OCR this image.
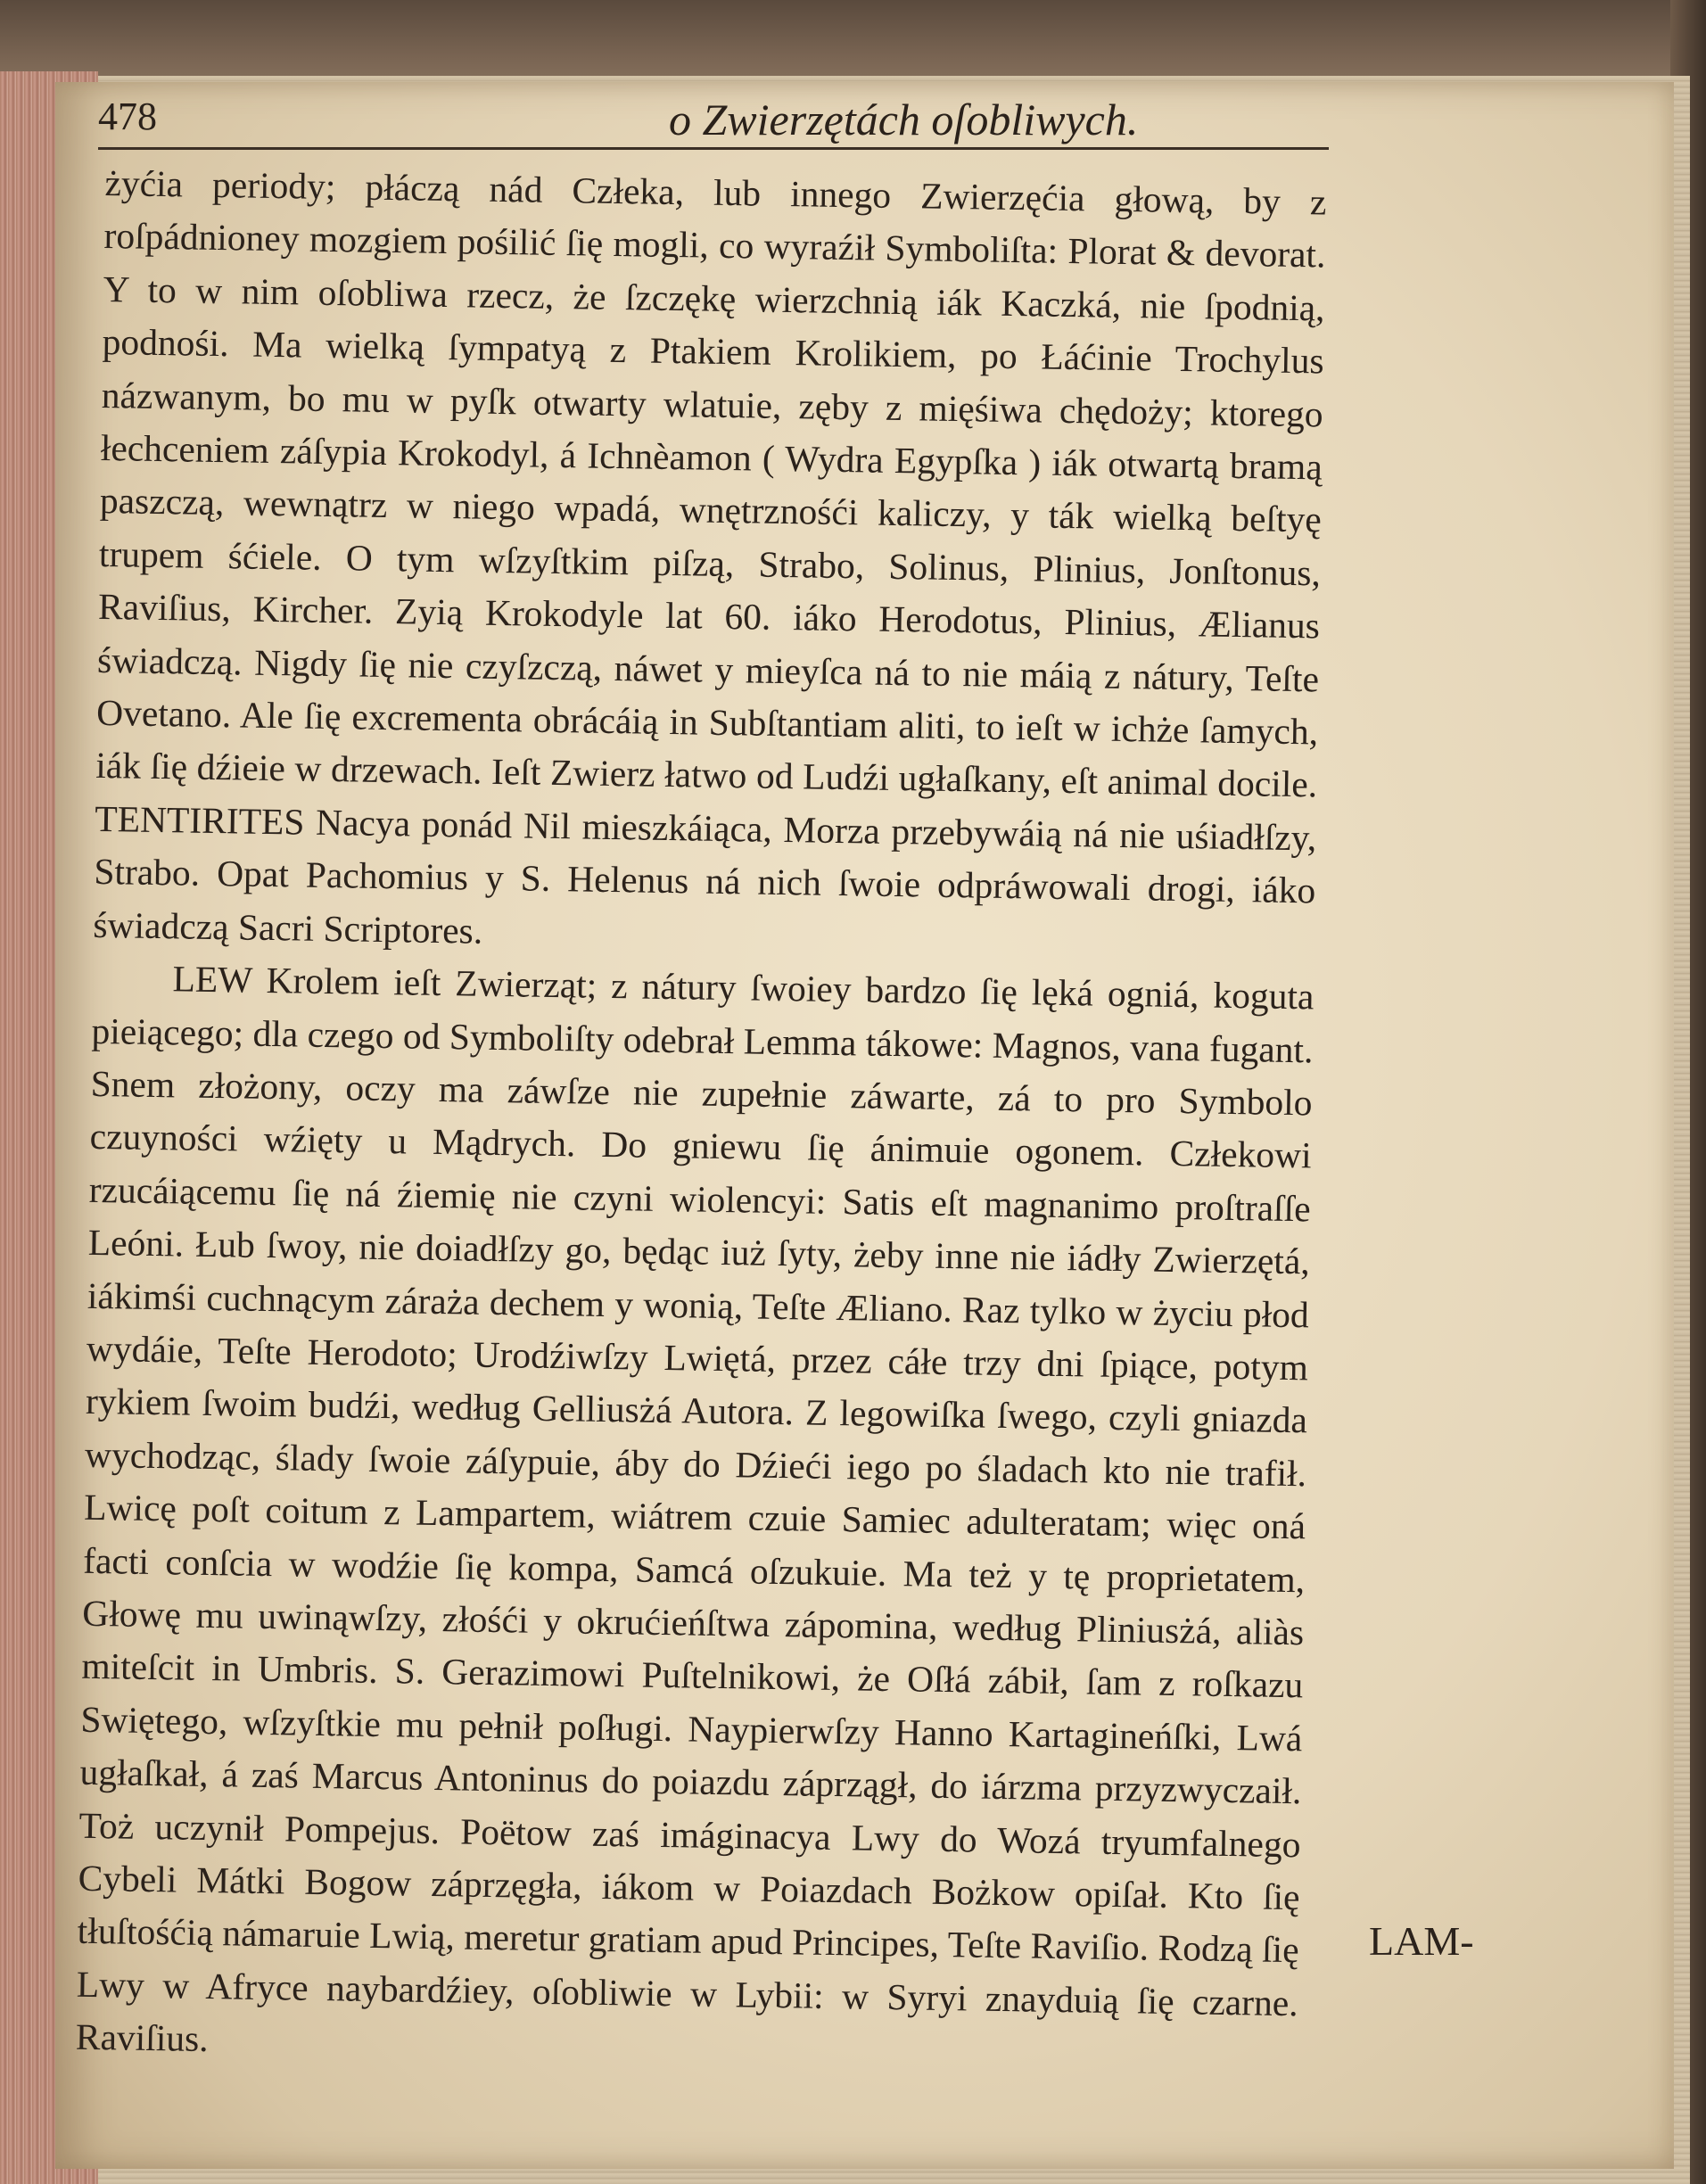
478	o Zwierzętách oſobliwych.

żyćia periody; płáczą nád Człeka, lub innego Zwierzęćia głową, by z roſpádnioney mozgiem pośilić ſię mogli, co wyraźił Symboliſta: Plorat & devorat. Y to w nim oſobliwa rzecz, że ſzczękę wierzchnią iák Kaczká, nie ſpodnią, podnośi. Ma wielką ſympatyą z Ptakiem Krolikiem, po Łáćinie Trochylus názwanym, bo mu w pyſk otwarty wlatuie, zęby z mięśiwa chędoży; ktorego łechceniem záſypia Krokodyl, á Ichnèamon ( Wydra Egypſka ) iák otwartą bramą paszczą, wewnątrz w niego wpadá, wnętrznośći kaliczy, y ták wielką beſtyę trupem śćiele. O tym wſzyſtkim piſzą, Strabo, Solinus, Plinius, Jonſtonus, Raviſius, Kircher. Zyią Krokodyle lat 60. iáko Herodotus, Plinius, Ælianus świadczą. Nigdy ſię nie czyſzczą, náwet y mieyſca ná to nie máią z nátury, Teſte Ovetano. Ale ſię excrementa obrácáią in Subſtantiam aliti, to ieſt w ichże ſamych, iák ſię dźieie w drzewach. Ieſt Zwierz łatwo od Ludźi ugłaſkany, eſt animal docile. TENTIRITES Nacya ponád Nil mieszkáiąca, Morza przebywáią ná nie uśiadłſzy, Strabo. Opat Pachomius y S. Helenus ná nich ſwoie odpráwowali drogi, iáko świadczą Sacri Scriptores.

LEW Krolem ieſt Zwierząt; z nátury ſwoiey bardzo ſię lęká ogniá, koguta pieiącego; dla czego od Symboliſty odebrał Lemma tákowe: Magnos, vana fugant. Snem złożony, oczy ma záwſze nie zupełnie záwarte, zá to pro Symbolo czuyności wźięty u Mądrych. Do gniewu ſię ánimuie ogonem. Człekowi rzucáiącemu ſię ná źiemię nie czyni wiolencyi: Satis eſt magnanimo proſtraſſe Leóni. Łub ſwoy, nie doiadłſzy go, będąc iuż ſyty, żeby inne nie iádły Zwierzętá, iákimśi cuchnącym záraża dechem y wonią, Teſte Æliano. Raz tylko w życiu płod wydáie, Teſte Herodoto; Urodźiwſzy Lwiętá, przez cáłe trzy dni ſpiące, potym rykiem ſwoim budźi, według Gelliusżá Autora. Z legowiſka ſwego, czyli gniazda wychodząc, ślady ſwoie záſypuie, áby do Dźieći iego po śladach kto nie trafił. Lwicę poſt coitum z Lampartem, wiátrem czuie Samiec adulteratam; więc oná facti conſcia w wodźie ſię kompa, Samcá oſzukuie. Ma też y tę proprietatem, Głowę mu uwinąwſzy, złośći y okrućieńſtwa zápomina, według Pliniusżá, aliàs miteſcit in Umbris. S. Gerazimowi Puſtelnikowi, że Oſłá zábił, ſam z roſkazu Swiętego, wſzyſtkie mu pełnił poſługi. Naypierwſzy Hanno Kartagineńſki, Lwá ugłaſkał, á zaś Marcus Antoninus do poiazdu záprzągł, do iárzma przyzwyczaił. Toż uczynił Pompejus. Poëtow zaś imáginacya Lwy do Wozá tryumfalnego Cybeli Mátki Bogow záprzęgła, iákom w Poiazdach Bożkow opiſał. Kto ſię tłuſtośćią námaruie Lwią, meretur gratiam apud Principes, Teſte Raviſio. Rodzą ſię Lwy w Afryce naybardźiey, oſobliwie w Lybii: w Syryi znayduią ſię czarne. Raviſius.

LAM-
